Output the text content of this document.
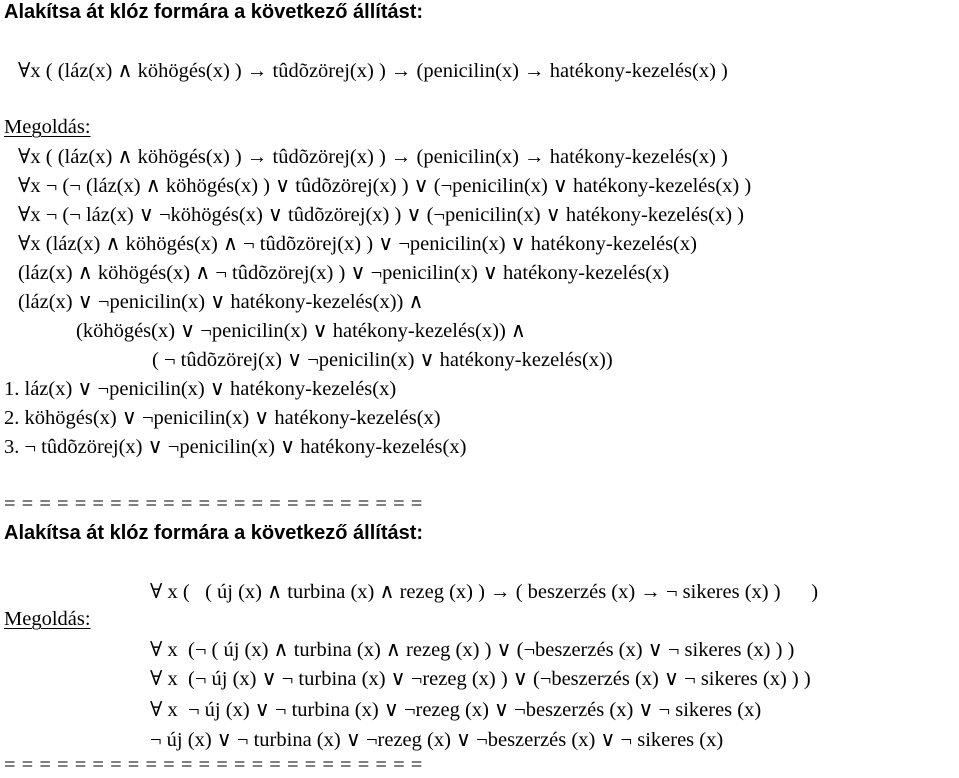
Alakítsa át klóz formára a következő állítást:
∀x ( (láz(x) ∧ köhögés(x) ) → tûdõzörej(x) ) → (penicilin(x) → hatékony-kezelés(x) )
Megoldás:
∀x ( (láz(x) ∧ köhögés(x) ) → tûdõzörej(x) ) → (penicilin(x) → hatékony-kezelés(x) )
∀x ¬ (¬ (láz(x) ∧ köhögés(x) ) ∨ tûdõzörej(x) ) ∨ (¬penicilin(x) ∨ hatékony-kezelés(x) )
∀x ¬ (¬ láz(x) ∨ ¬köhögés(x) ∨ tûdõzörej(x) ) ∨ (¬penicilin(x) ∨ hatékony-kezelés(x) )
∀x (láz(x) ∧ köhögés(x) ∧ ¬ tûdõzörej(x) ) ∨ ¬penicilin(x) ∨ hatékony-kezelés(x)
(láz(x) ∧ köhögés(x) ∧ ¬ tûdõzörej(x) ) ∨ ¬penicilin(x) ∨ hatékony-kezelés(x)
(láz(x) ∨ ¬penicilin(x) ∨ hatékony-kezelés(x)) ∧
(köhögés(x) ∨ ¬penicilin(x) ∨ hatékony-kezelés(x)) ∧
( ¬ tûdõzörej(x) ∨ ¬penicilin(x) ∨ hatékony-kezelés(x))
1. láz(x) ∨ ¬penicilin(x) ∨ hatékony-kezelés(x)
2. köhögés(x) ∨ ¬penicilin(x) ∨ hatékony-kezelés(x)
3. ¬ tûdõzörej(x) ∨ ¬penicilin(x) ∨ hatékony-kezelés(x)
= = = = = = = = = = = = = = = = = = = = = = = =
Alakítsa át klóz formára a következő állítást:
∀ x (   ( új (x) ∧ turbina (x) ∧ rezeg (x) ) → ( beszerzés (x) → ¬ sikeres (x) )      )
Megoldás:
∀ x  (¬ ( új (x) ∧ turbina (x) ∧ rezeg (x) ) ∨ (¬beszerzés (x) ∨ ¬ sikeres (x) ) )
∀ x  (¬ új (x) ∨ ¬ turbina (x) ∨ ¬rezeg (x) ) ∨ (¬beszerzés (x) ∨ ¬ sikeres (x) ) )
∀ x  ¬ új (x) ∨ ¬ turbina (x) ∨ ¬rezeg (x) ∨ ¬beszerzés (x) ∨ ¬ sikeres (x)
¬ új (x) ∨ ¬ turbina (x) ∨ ¬rezeg (x) ∨ ¬beszerzés (x) ∨ ¬ sikeres (x)
= = = = = = = = = = = = = = = = = = = = = = = =
